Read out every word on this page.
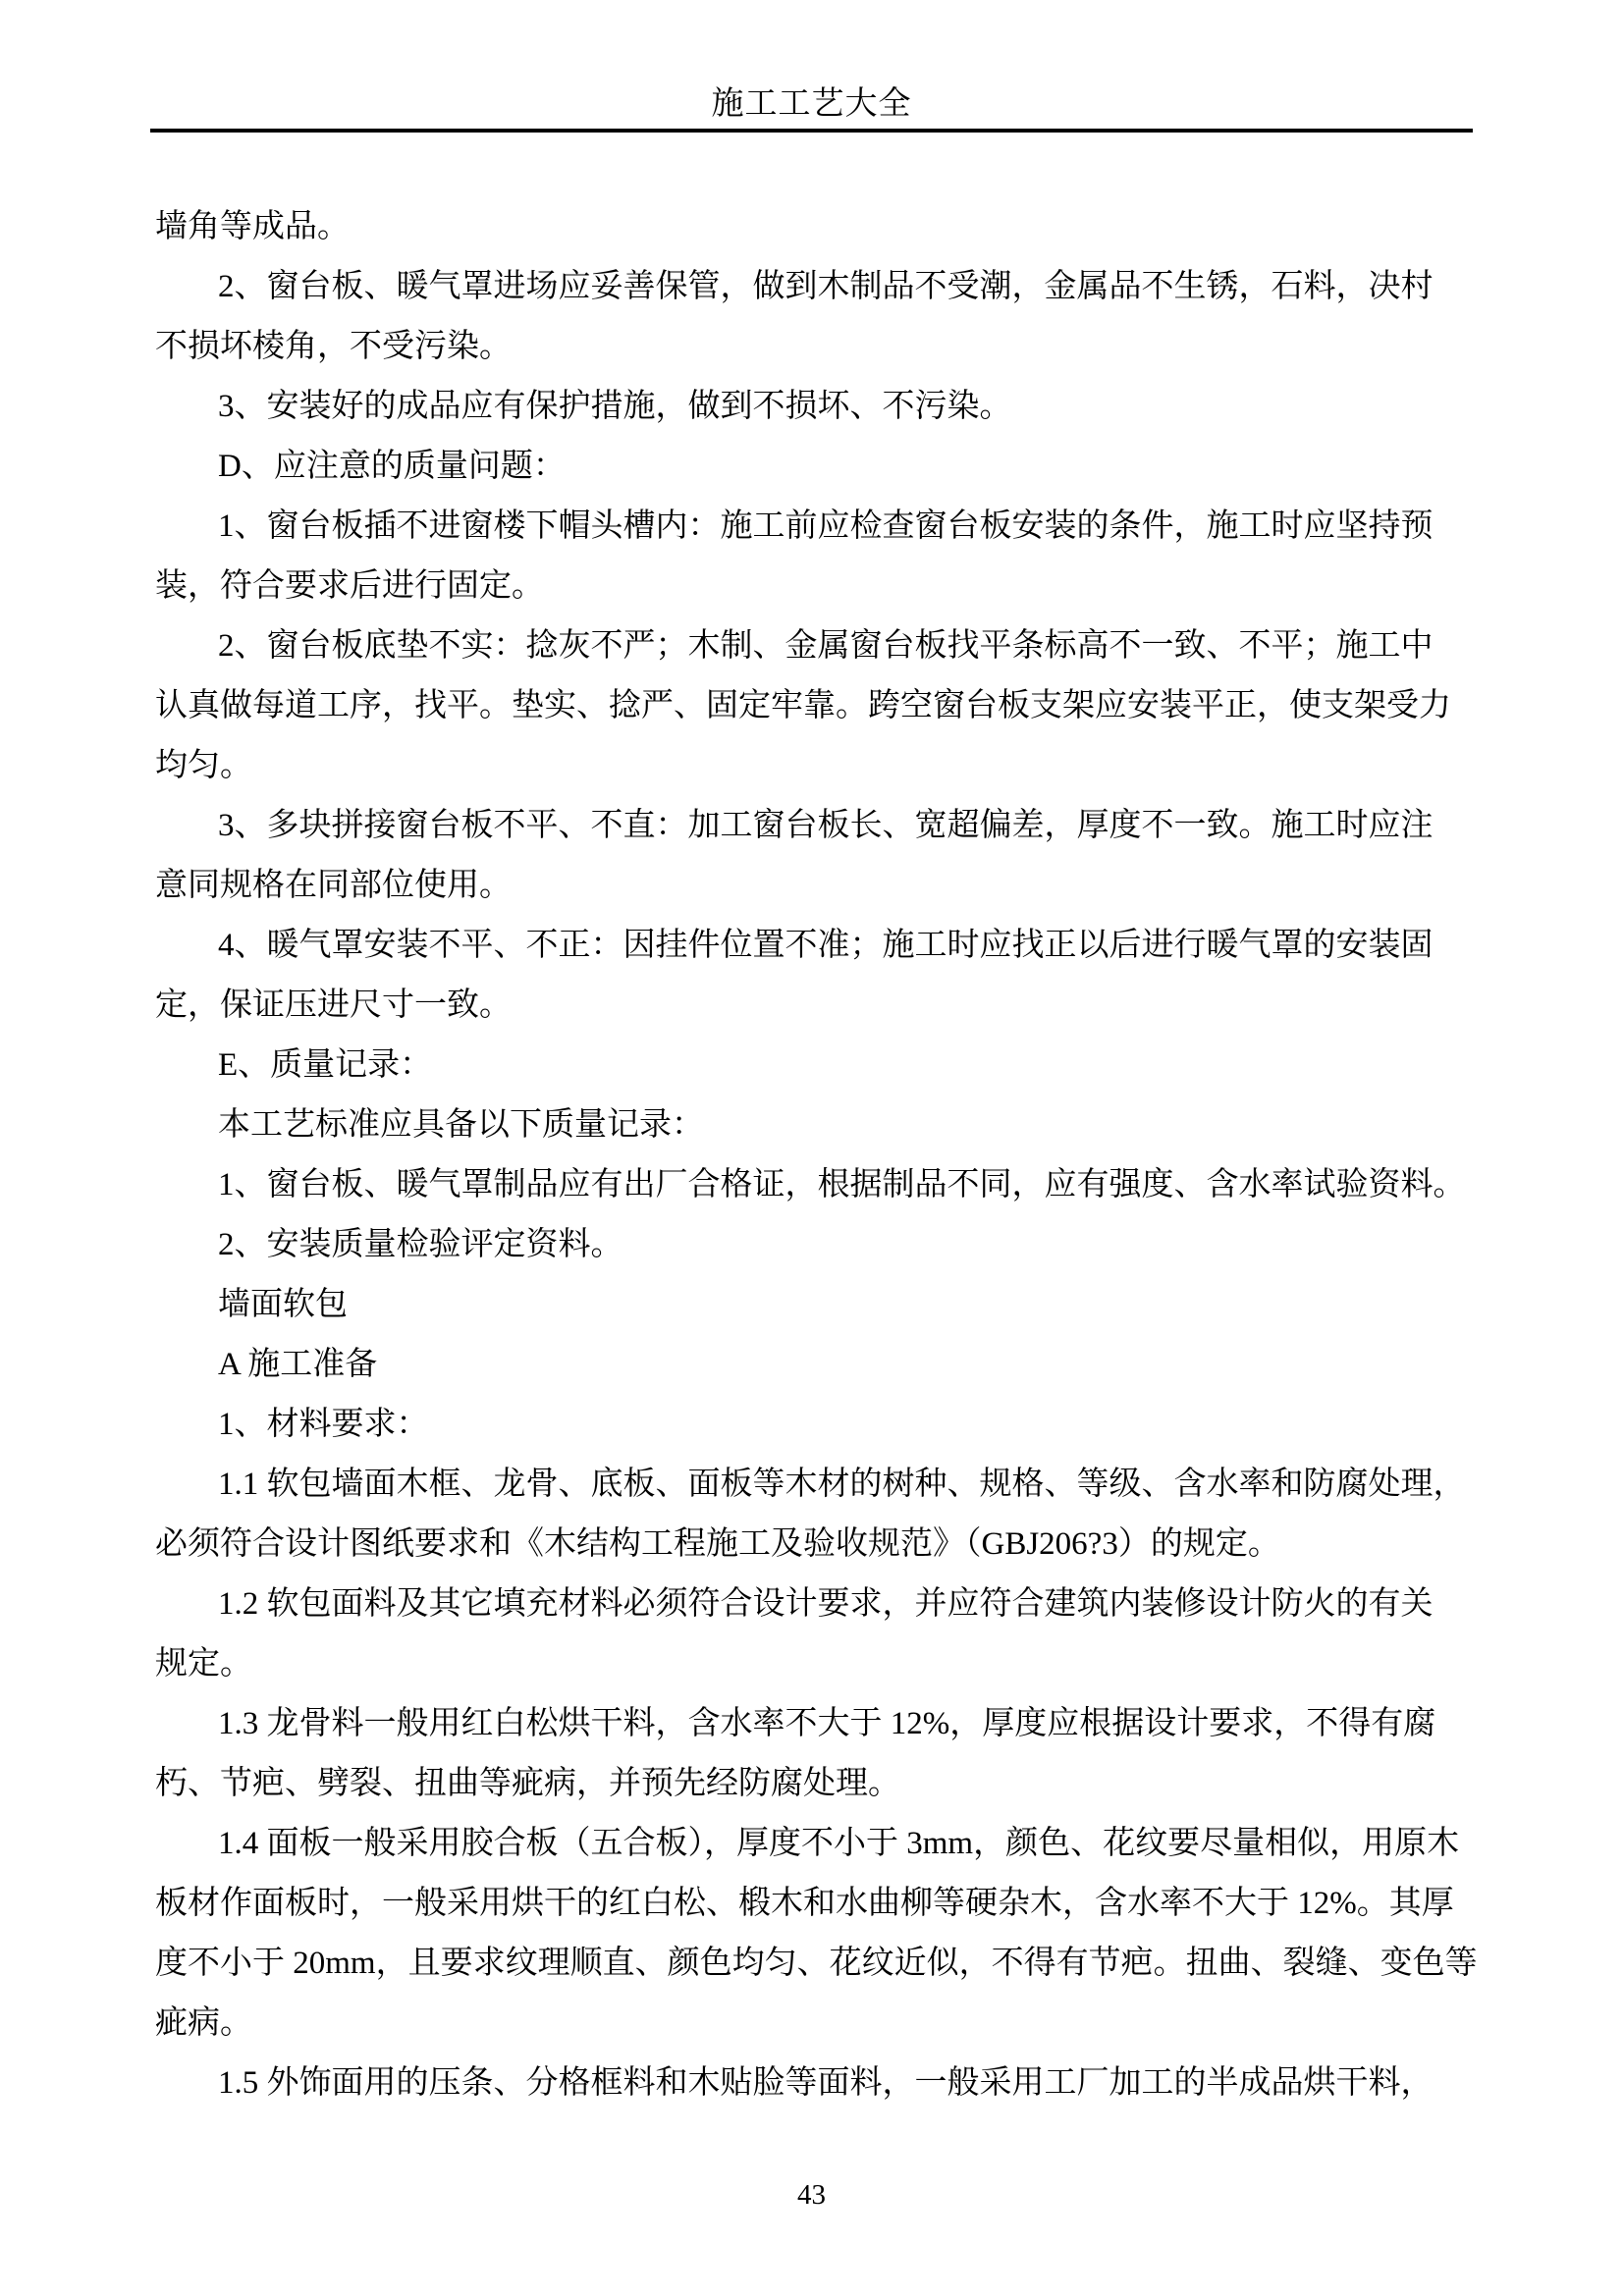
施工工艺大全
墙角等成品。
2、窗台板、暖气罩进场应妥善保管，做到木制品不受潮，金属品不生锈，石料，决村
不损坏棱角，不受污染。
3、安装好的成品应有保护措施，做到不损坏、不污染。
D、应注意的质量问题：
1、窗台板插不进窗楼下帽头槽内：施工前应检查窗台板安装的条件，施工时应坚持预
装，符合要求后进行固定。
2、窗台板底垫不实：捻灰不严；木制、金属窗台板找平条标高不一致、不平；施工中
认真做每道工序，找平。垫实、捻严、固定牢靠。跨空窗台板支架应安装平正，使支架受力
均匀。
3、多块拼接窗台板不平、不直：加工窗台板长、宽超偏差，厚度不一致。施工时应注
意同规格在同部位使用。
4、暖气罩安装不平、不正：因挂件位置不准；施工时应找正以后进行暖气罩的安装固
定，保证压进尺寸一致。
E、质量记录：
本工艺标准应具备以下质量记录：
1、窗台板、暖气罩制品应有出厂合格证，根据制品不同，应有强度、含水率试验资料。
2、安装质量检验评定资料。
墙面软包
A 施工准备
1、材料要求：
1.1 软包墙面木框、龙骨、底板、面板等木材的树种、规格、等级、含水率和防腐处理，
必须符合设计图纸要求和《木结构工程施工及验收规范》（GBJ206?3）的规定。
1.2 软包面料及其它填充材料必须符合设计要求，并应符合建筑内装修设计防火的有关
规定。
1.3 龙骨料一般用红白松烘干料，含水率不大于 12%，厚度应根据设计要求，不得有腐
朽、节疤、劈裂、扭曲等疵病，并预先经防腐处理。
1.4 面板一般采用胶合板（五合板），厚度不小于 3mm，颜色、花纹要尽量相似，用原木
板材作面板时，一般采用烘干的红白松、椴木和水曲柳等硬杂木，含水率不大于 12%。其厚
度不小于 20mm，且要求纹理顺直、颜色均匀、花纹近似，不得有节疤。扭曲、裂缝、变色等
疵病。
1.5 外饰面用的压条、分格框料和木贴脸等面料，一般采用工厂加工的半成品烘干料，
43
